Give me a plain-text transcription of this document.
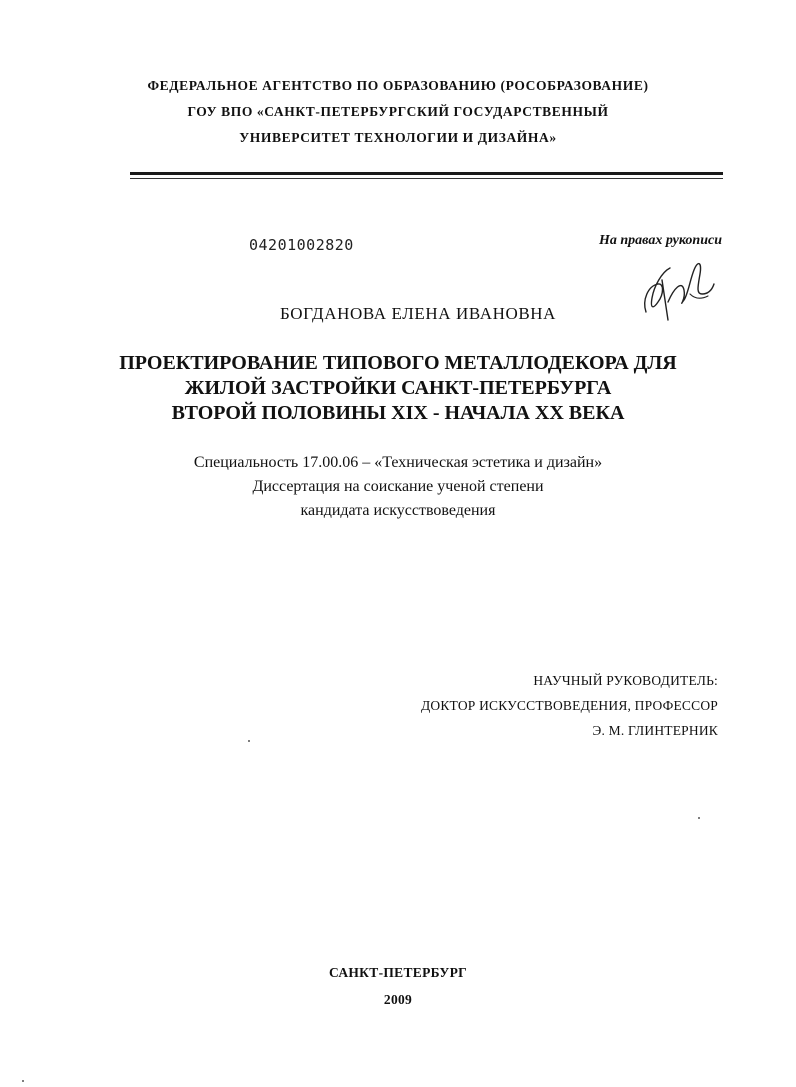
ФЕДЕРАЛЬНОЕ АГЕНТСТВО ПО ОБРАЗОВАНИЮ (РОСОБРАЗОВАНИЕ)
ГОУ ВПО «САНКТ-ПЕТЕРБУРГСКИЙ ГОСУДАРСТВЕННЫЙ
УНИВЕРСИТЕТ ТЕХНОЛОГИИ И ДИЗАЙНА»
04201002820	На правах рукописи
БОГДАНОВА ЕЛЕНА ИВАНОВНА
ПРОЕКТИРОВАНИЕ ТИПОВОГО МЕТАЛЛОДЕКОРА ДЛЯ
ЖИЛОЙ ЗАСТРОЙКИ САНКТ-ПЕТЕРБУРГА
ВТОРОЙ ПОЛОВИНЫ XIX - НАЧАЛА XX ВЕКА
Специальность 17.00.06 – «Техническая эстетика и дизайн»
Диссертация на соискание ученой степени
кандидата искусствоведения
НАУЧНЫЙ РУКОВОДИТЕЛЬ:
ДОКТОР ИСКУССТВОВЕДЕНИЯ, ПРОФЕССОР
Э. М. ГЛИНТЕРНИК
САНКТ-ПЕТЕРБУРГ
2009
